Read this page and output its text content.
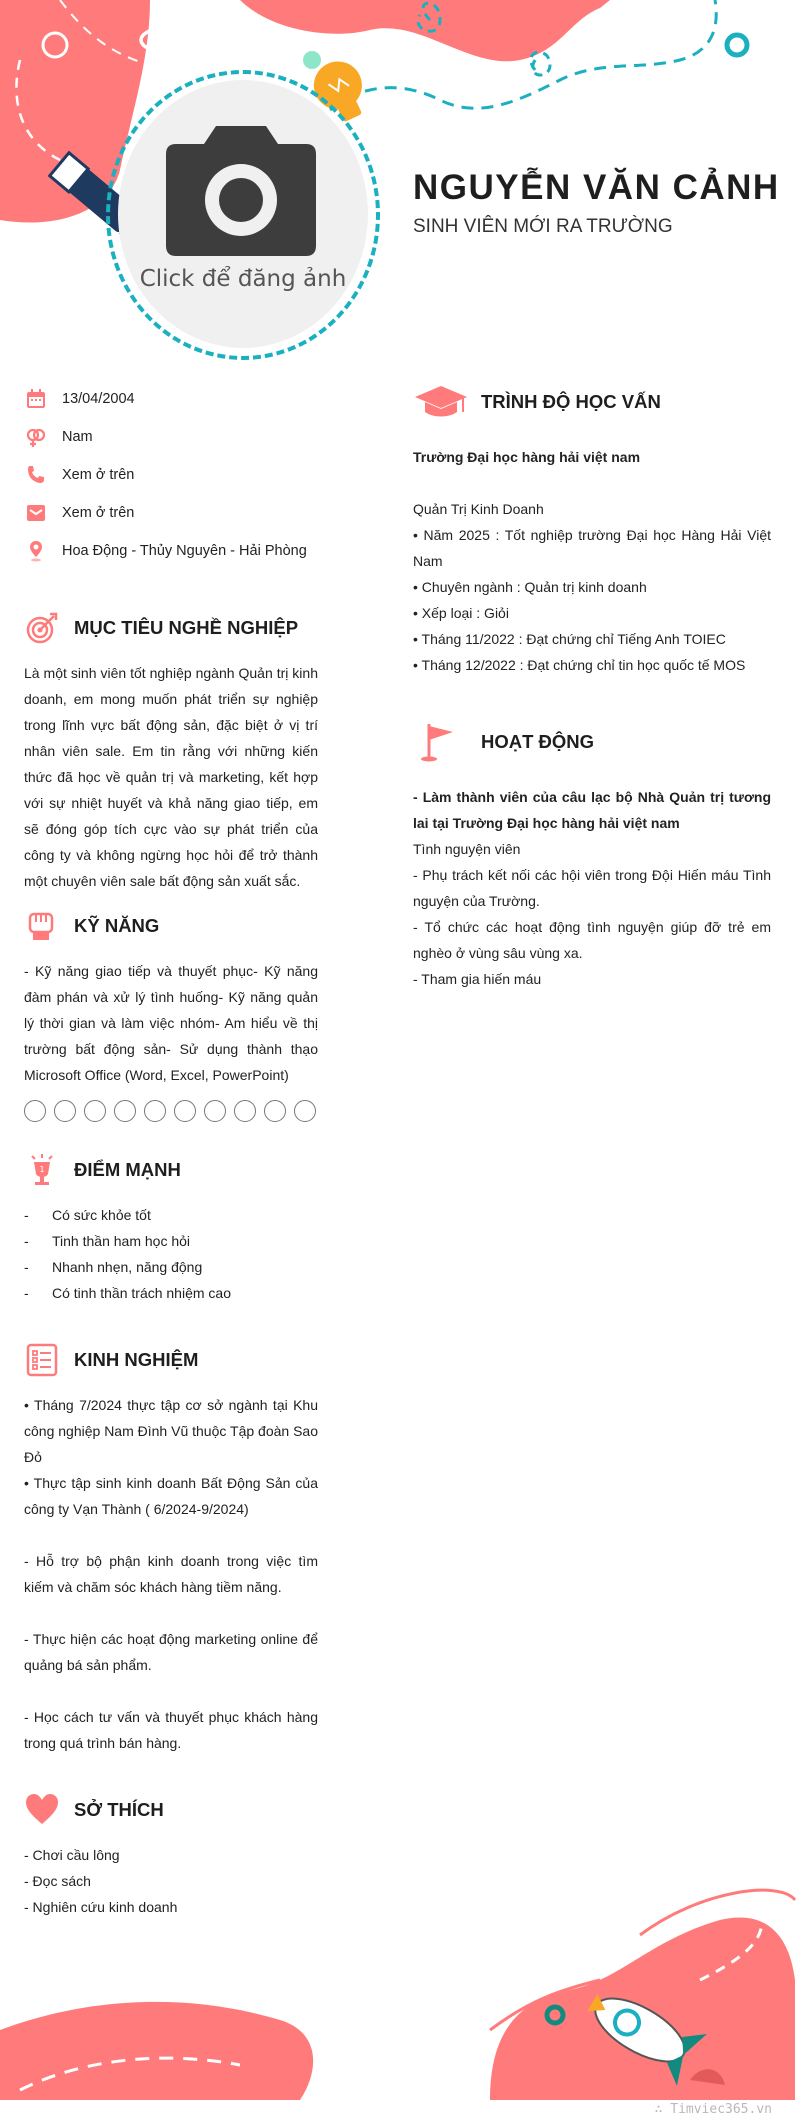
Click để đăng ảnh
NGUYỄN VĂN CẢNH
SINH VIÊN MỚI RA TRƯỜNG
13/04/2004
Nam
Xem ở trên
Xem ở trên
Hoa Động - Thủy Nguyên - Hải Phòng
MỤC TIÊU NGHỀ NGHIỆP

Là một sinh viên tốt nghiệp ngành Quản trị kinh doanh, em mong muốn phát triển sự nghiệp trong lĩnh vực bất động sản, đặc biệt ở vị trí nhân viên sale. Em tin rằng với những kiến thức đã học về quản trị và marketing, kết hợp với sự nhiệt huyết và khả năng giao tiếp, em sẽ đóng góp tích cực vào sự phát triển của công ty và không ngừng học hỏi để trở thành một chuyên viên sale bất động sản xuất sắc.

KỸ NĂNG

- Kỹ năng giao tiếp và thuyết phục- Kỹ năng đàm phán và xử lý tình huống- Kỹ năng quản lý thời gian và làm việc nhóm- Am hiểu về thị trường bất động sản- Sử dụng thành thạo Microsoft Office (Word, Excel, PowerPoint)

1 ĐIỂM MẠNH
-	Có sức khỏe tốt
-	Tinh thần ham học hỏi
-	Nhanh nhẹn, năng động
-	Có tinh thần trách nhiệm cao
KINH NGHIỆM

• Tháng 7/2024 thực tập cơ sở ngành tại Khu công nghiệp Nam Đình Vũ thuộc Tập đoàn Sao Đỏ

• Thực tập sinh kinh doanh Bất Động Sản của công ty Vạn Thành ( 6/2024-9/2024)

- Hỗ trợ bộ phận kinh doanh trong việc tìm kiếm và chăm sóc khách hàng tiềm năng.

- Thực hiện các hoạt động marketing online để quảng bá sản phẩm.

- Học cách tư vấn và thuyết phục khách hàng trong quá trình bán hàng.

SỞ THÍCH
- Chơi cầu lông
- Đọc sách
- Nghiên cứu kinh doanh
TRÌNH ĐỘ HỌC VẤN
Trường Đại học hàng hải việt nam
Quản Trị Kinh Doanh

• Năm 2025 : Tốt nghiệp trường Đại học Hàng Hải Việt Nam

• Chuyên ngành : Quản trị kinh doanh
• Xếp loại : Giỏi
• Tháng 11/2022 : Đạt chứng chỉ Tiếng Anh TOIEC
• Tháng 12/2022 : Đạt chứng chỉ tin học quốc tế MOS
HOẠT ĐỘNG

- Làm thành viên của câu lạc bộ Nhà Quản trị tương lai tại Trường Đại học hàng hải việt nam

Tình nguyện viên

- Phụ trách kết nối các hội viên trong Đội Hiến máu Tình nguyện của Trường.

- Tổ chức các hoạt động tình nguyện giúp đỡ trẻ em nghèo ở vùng sâu vùng xa.

- Tham gia hiến máu

∴ Timviec365.vn
